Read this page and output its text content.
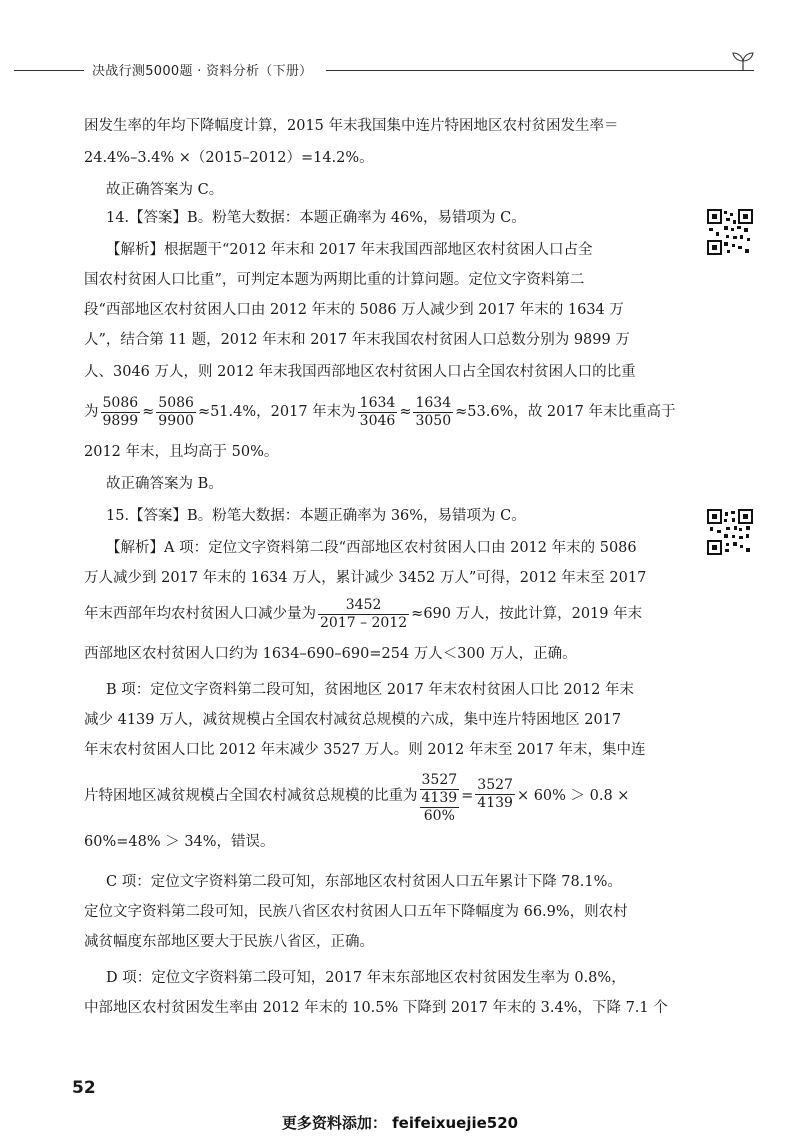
决战行测5000题 · 资料分析（下册）
困发生率的年均下降幅度计算，2015 年末我国集中连片特困地区农村贫困发生率＝
24.4%–3.4% ×（2015–2012）=14.2%。
故正确答案为 C。
14.【答案】B。粉笔大数据：本题正确率为 46%，易错项为 C。
【解析】根据题干“2012 年末和 2017 年末我国西部地区农村贫困人口占全
国农村贫困人口比重”，可判定本题为两期比重的计算问题。定位文字资料第二
段“西部地区农村贫困人口由 2012 年末的 5086 万人减少到 2017 年末的 1634 万
人”，结合第 11 题，2012 年末和 2017 年末我国农村贫困人口总数分别为 9899 万
人、3046 万人，则 2012 年末我国西部地区农村贫困人口占全国农村贫困人口的比重
为 $\frac{5086}{9899} \approx \frac{5086}{9900} \approx 51.4\%$，2017 年末为 $\frac{1634}{3046} \approx \frac{1634}{3050} \approx 53.6\%$，故 2017 年末比重高于
2012 年末，且均高于 50%。
故正确答案为 B。
15.【答案】B。粉笔大数据：本题正确率为 36%，易错项为 C。
【解析】A 项：定位文字资料第二段“西部地区农村贫困人口由 2012 年末的 5086
万人减少到 2017 年末的 1634 万人，累计减少 3452 万人”可得，2012 年末至 2017
年末西部年均农村贫困人口减少量为 $\frac{3452}{2017 - 2012} \approx 690$ 万人，按此计算，2019 年末
西部地区农村贫困人口约为 1634–690–690=254 万人＜300 万人，正确。
B 项：定位文字资料第二段可知，贫困地区 2017 年末农村贫困人口比 2012 年末
减少 4139 万人，减贫规模占全国农村减贫总规模的六成，集中连片特困地区 2017
年末农村贫困人口比 2012 年末减少 3527 万人。则 2012 年末至 2017 年末，集中连
片特困地区减贫规模占全国农村减贫总规模的比重为
3527
4139
60%
= $\frac{3527}{4139} \times 60\% > 0.8$ ×
60%=48% ＞ 34%，错误。
C 项：定位文字资料第二段可知，东部地区农村贫困人口五年累计下降 78.1%。
定位文字资料第二段可知，民族八省区农村贫困人口五年下降幅度为 66.9%，则农村
减贫幅度东部地区要大于民族八省区，正确。
D 项：定位文字资料第二段可知，2017 年末东部地区农村贫困发生率为 0.8%，
中部地区农村贫困发生率由 2012 年末的 10.5% 下降到 2017 年末的 3.4%，下降 7.1 个
52
更多资料添加： feifeixuejie520
